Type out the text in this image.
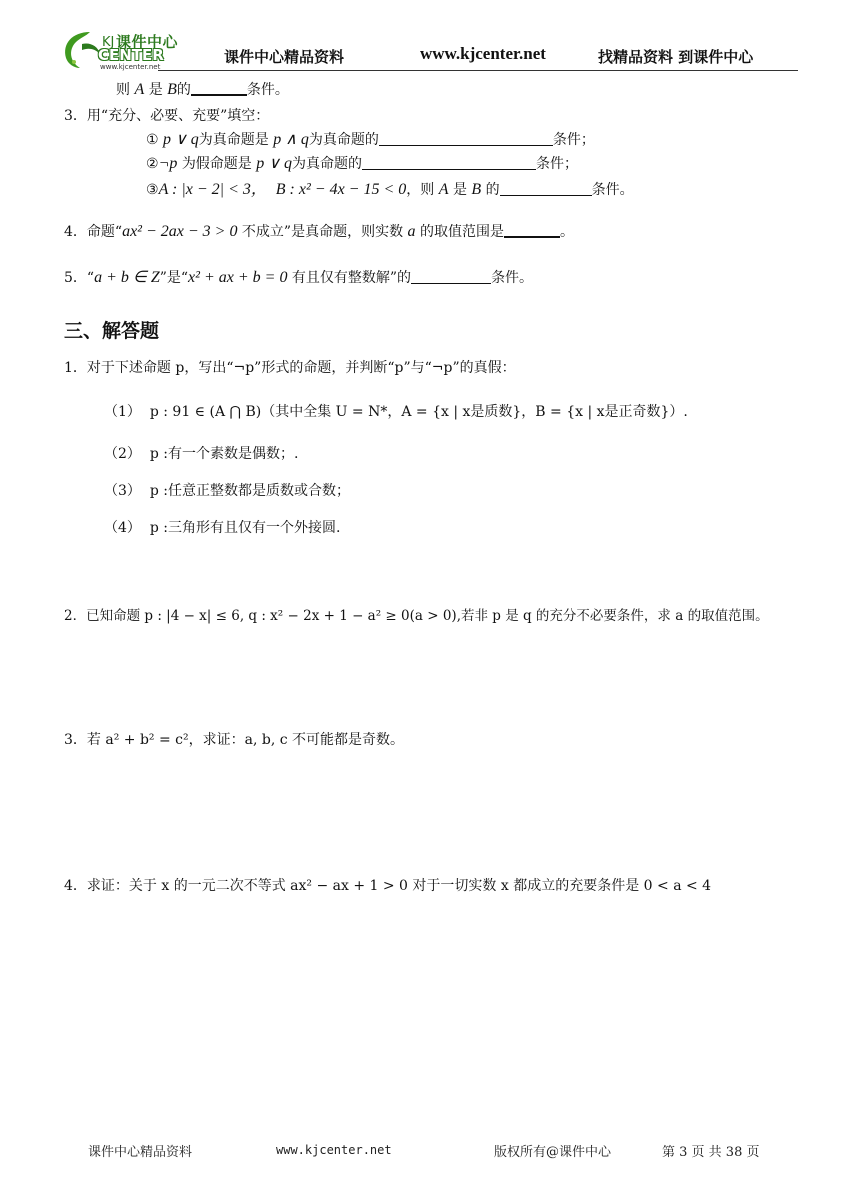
KJ 课件中心
CENTER
www.kjcenter.net
课件中心精品资料	www.kjcenter.net	找精品资料 到课件中心
则 A 是 B的	条件。
3．用“充分、必要、充要”填空：
① p ∨ q为真命题是 p ∧ q为真命题的	条件；
②¬p 为假命题是 p ∨ q为真命题的	条件；
③A : |x − 2| < 3， B : x² − 4x − 15 < 0，则 A 是 B 的	条件。
4．命题“ax² − 2ax − 3 > 0 不成立”是真命题，则实数 a 的取值范围是	。
5．“a + b ∈ Z”是“x² + ax + b = 0 有且仅有整数解”的	条件。
三、解答题
1．对于下述命题 p，写出“¬p”形式的命题，并判断“p”与“¬p”的真假：
（1） p : 91 ∈ (A ⋂ B)（其中全集 U = N*，A = {x | x是质数}，B = {x | x是正奇数}）.
（2） p :有一个素数是偶数；.
（3） p :任意正整数都是质数或合数；
（4） p :三角形有且仅有一个外接圆.
2．已知命题 p : |4 − x| ≤ 6, q : x² − 2x + 1 − a² ≥ 0(a > 0),若非 p 是 q 的充分不必要条件，求 a 的取值范围。
3．若 a² + b² = c²，求证：a, b, c 不可能都是奇数。
4．求证：关于 x 的一元二次不等式 ax² − ax + 1 > 0 对于一切实数 x 都成立的充要条件是 0 < a < 4
课件中心精品资料	www.kjcenter.net	版权所有@课件中心	第 3 页 共 38 页
